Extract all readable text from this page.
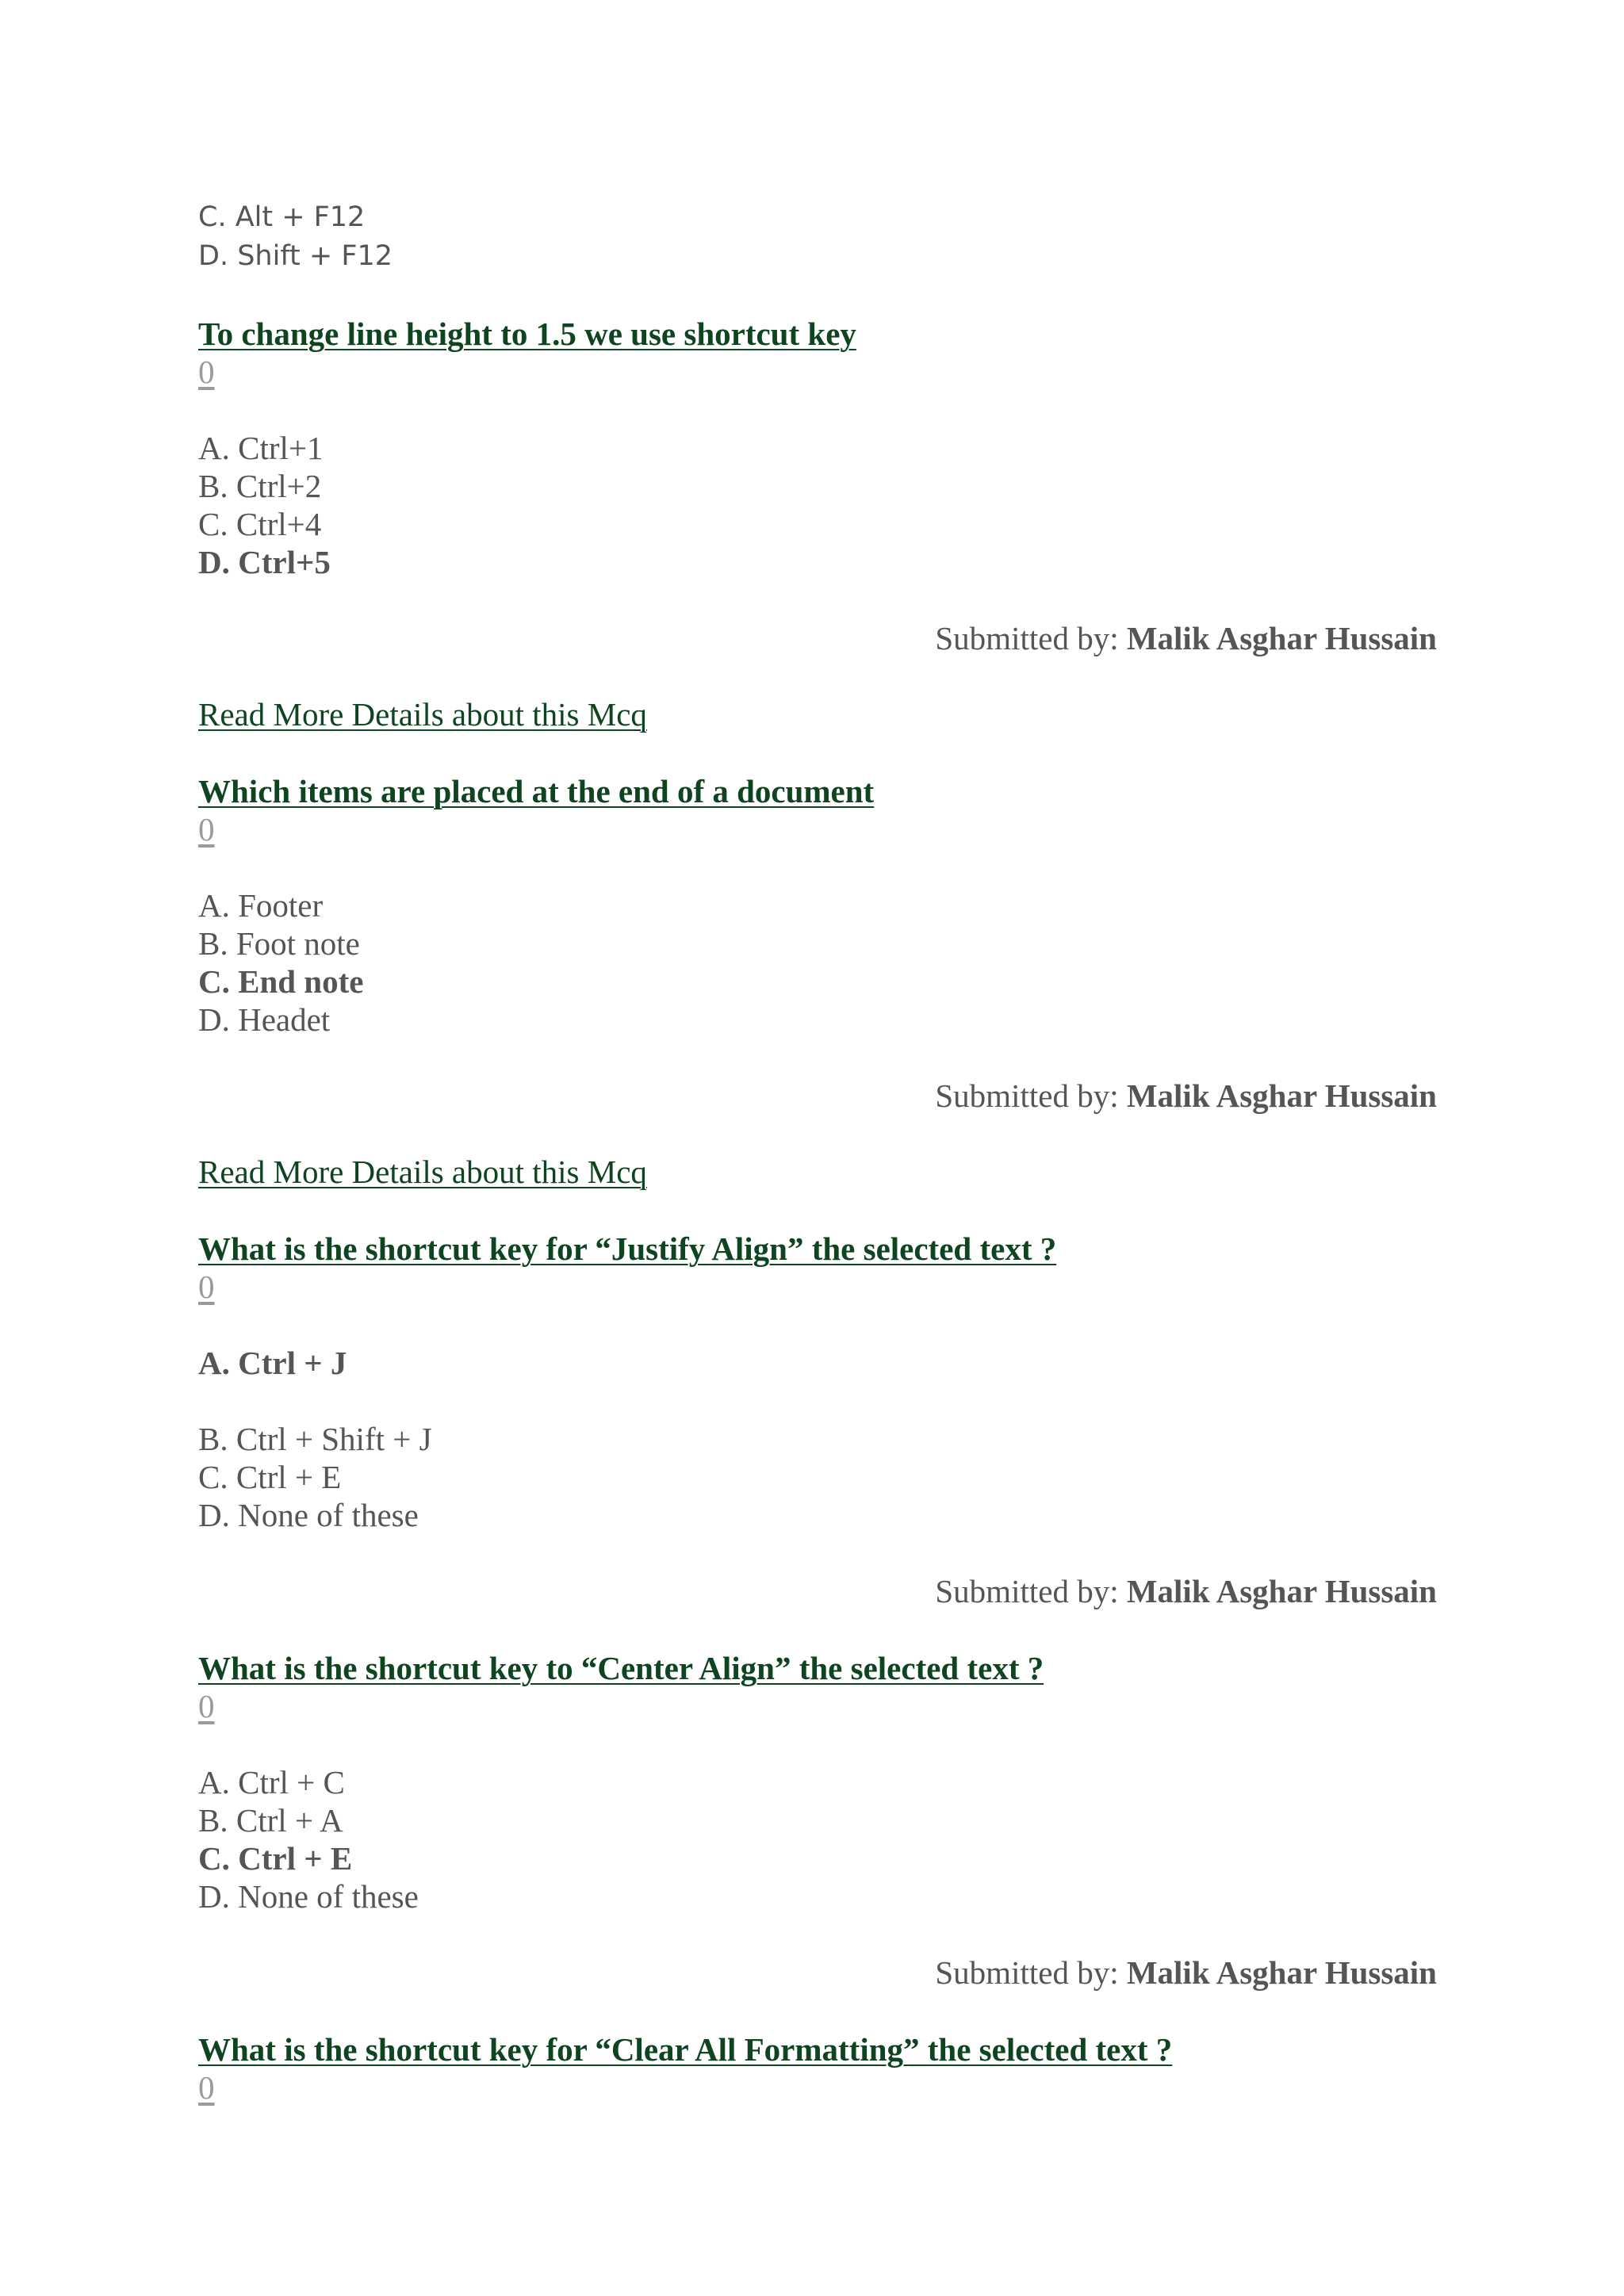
C. Alt + F12
D. Shift + F12
To change line height to 1.5 we use shortcut key
0
A. Ctrl+1
B. Ctrl+2
C. Ctrl+4
D. Ctrl+5
Submitted by: Malik Asghar Hussain
Read More Details about this Mcq
Which items are placed at the end of a document
0
A. Footer
B. Foot note
C. End note
D. Headet
Submitted by: Malik Asghar Hussain
Read More Details about this Mcq
What is the shortcut key for “Justify Align” the selected text ?
0
A. Ctrl + J
B. Ctrl + Shift + J
C. Ctrl + E
D. None of these
Submitted by: Malik Asghar Hussain
What is the shortcut key to “Center Align” the selected text ?
0
A. Ctrl + C
B. Ctrl + A
C. Ctrl + E
D. None of these
Submitted by: Malik Asghar Hussain
What is the shortcut key for “Clear All Formatting” the selected text ?
0
